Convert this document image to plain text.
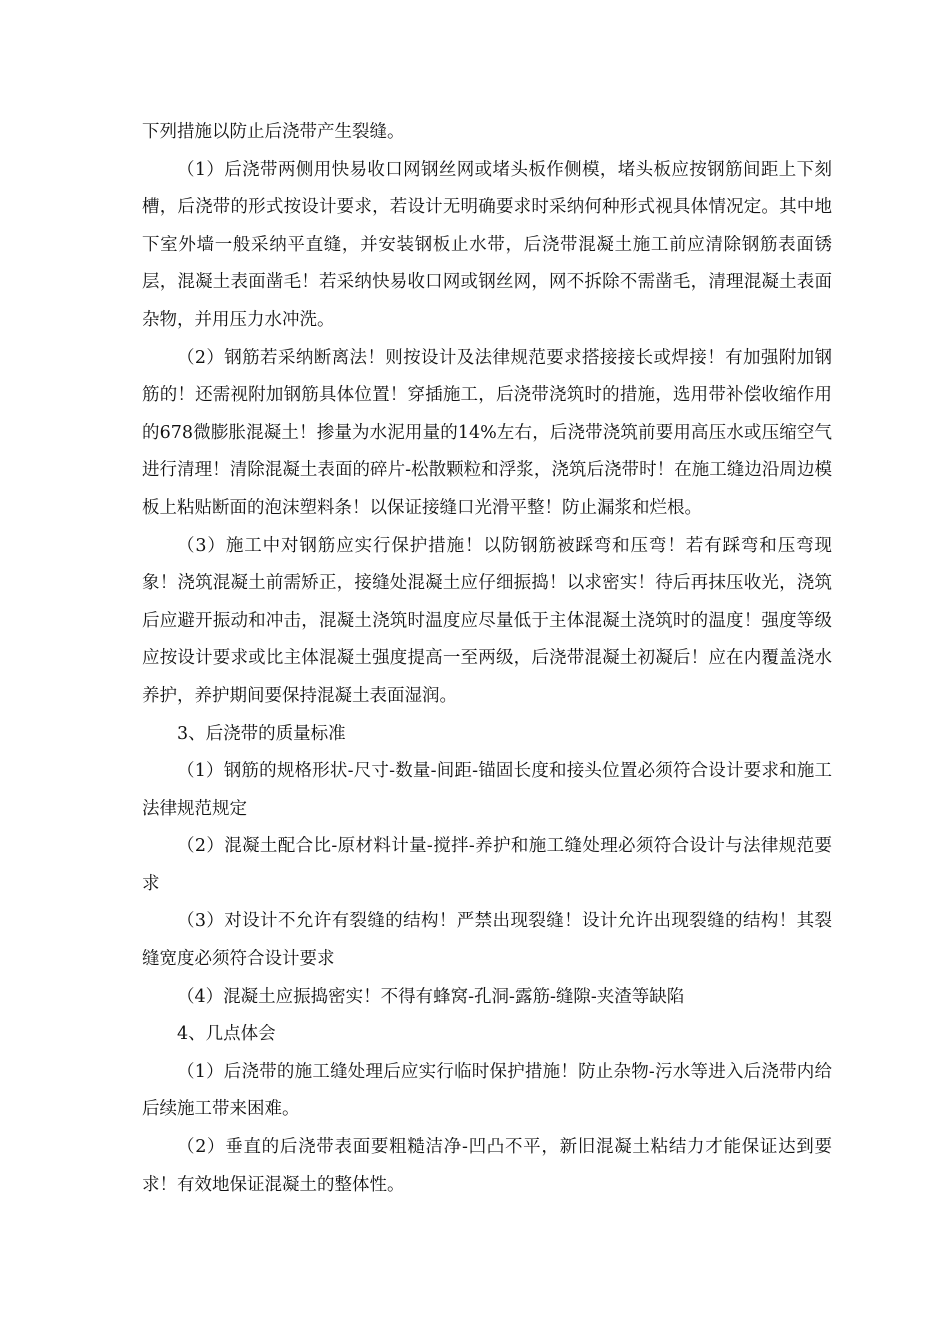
下列措施以防止后浇带产生裂缝。

（1）后浇带两侧用快易收口网钢丝网或堵头板作侧模，堵头板应按钢筋间距上下刻槽，后浇带的形式按设计要求，若设计无明确要求时采纳何种形式视具体情况定。其中地下室外墙一般采纳平直缝，并安装钢板止水带，后浇带混凝土施工前应清除钢筋表面锈层，混凝土表面凿毛！若采纳快易收口网或钢丝网，网不拆除不需凿毛，清理混凝土表面杂物，并用压力水冲洗。

（2）钢筋若采纳断离法！则按设计及法律规范要求搭接接长或焊接！有加强附加钢筋的！还需视附加钢筋具体位置！穿插施工，后浇带浇筑时的措施，选用带补偿收缩作用的678微膨胀混凝土！掺量为水泥用量的14%左右，后浇带浇筑前要用高压水或压缩空气进行清理！清除混凝土表面的碎片-松散颗粒和浮浆，浇筑后浇带时！在施工缝边沿周边模板上粘贴断面的泡沫塑料条！以保证接缝口光滑平整！防止漏浆和烂根。

（3）施工中对钢筋应实行保护措施！以防钢筋被踩弯和压弯！若有踩弯和压弯现象！浇筑混凝土前需矫正，接缝处混凝土应仔细振捣！以求密实！待后再抹压收光，浇筑后应避开振动和冲击，混凝土浇筑时温度应尽量低于主体混凝土浇筑时的温度！强度等级应按设计要求或比主体混凝土强度提高一至两级，后浇带混凝土初凝后！应在内覆盖浇水养护，养护期间要保持混凝土表面湿润。

3、后浇带的质量标准

（1）钢筋的规格形状-尺寸-数量-间距-锚固长度和接头位置必须符合设计要求和施工法律规范规定

（2）混凝土配合比-原材料计量-搅拌-养护和施工缝处理必须符合设计与法律规范要求

（3）对设计不允许有裂缝的结构！严禁出现裂缝！设计允许出现裂缝的结构！其裂缝宽度必须符合设计要求

（4）混凝土应振捣密实！不得有蜂窝-孔洞-露筋-缝隙-夹渣等缺陷

4、几点体会

（1）后浇带的施工缝处理后应实行临时保护措施！防止杂物-污水等进入后浇带内给后续施工带来困难。

（2）垂直的后浇带表面要粗糙洁净-凹凸不平，新旧混凝土粘结力才能保证达到要求！有效地保证混凝土的整体性。
